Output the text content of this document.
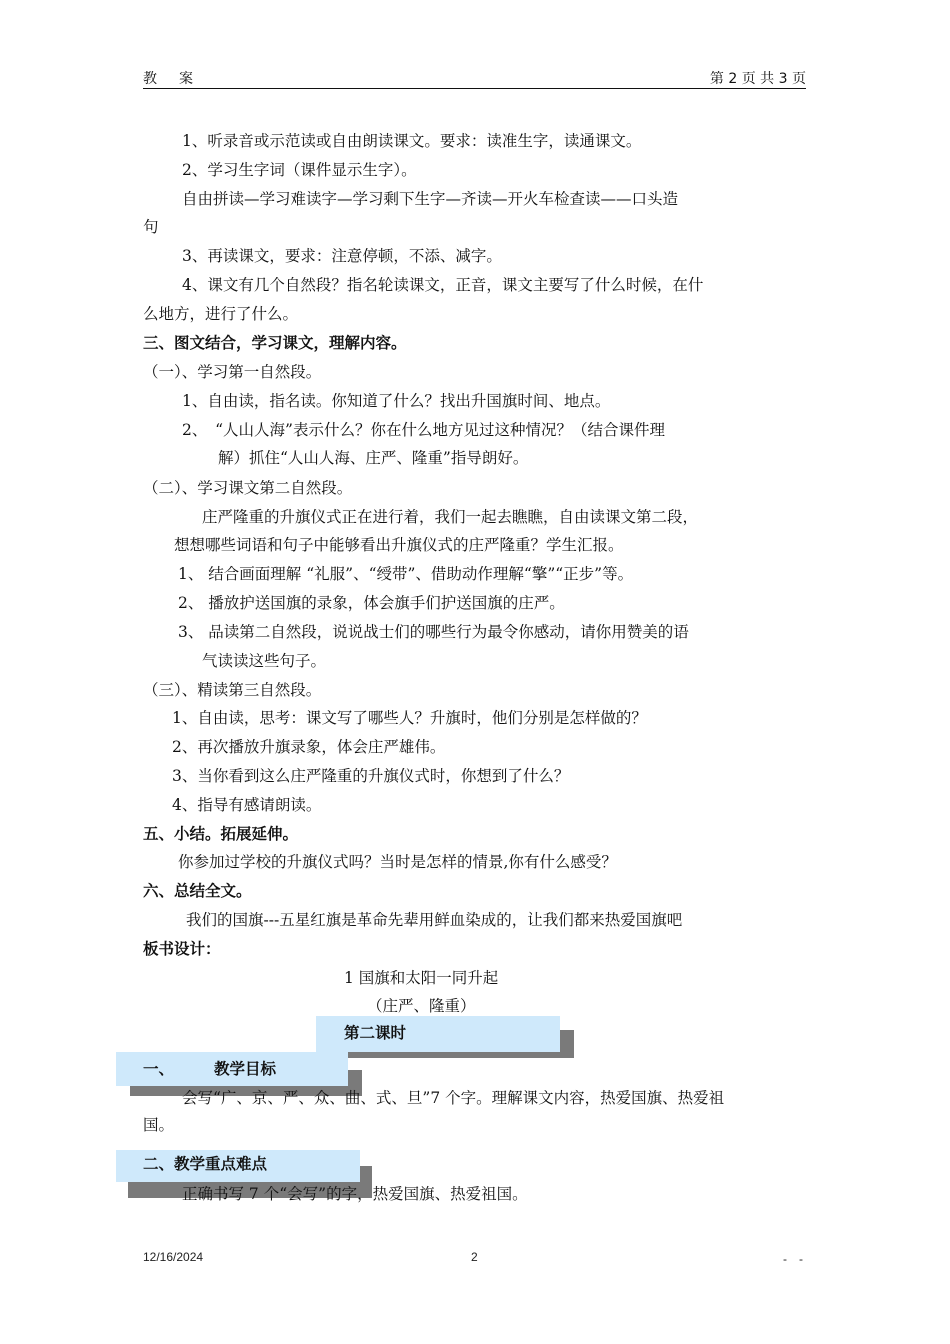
教　案	第 2 页 共 3 页
1、听录音或示范读或自由朗读课文。要求：读准生字，读通课文。
2、学习生字词（课件显示生字）。
自由拼读—学习难读字—学习剩下生字—齐读—开火车检查读——口头造
句
3、再读课文，要求：注意停顿，不添、减字。
4、课文有几个自然段？指名轮读课文，正音，课文主要写了什么时候，在什
么地方，进行了什么。
三、图文结合，学习课文，理解内容。
（一）、学习第一自然段。
1、自由读，指名读。你知道了什么？找出升国旗时间、地点。
2、　“人山人海”表示什么？你在什么地方见过这种情况？（结合课件理
解）抓住“人山人海、庄严、隆重”指导朗好。
（二）、学习课文第二自然段。
庄严隆重的升旗仪式正在进行着，我们一起去瞧瞧，自由读课文第二段，
想想哪些词语和句子中能够看出升旗仪式的庄严隆重？学生汇报。
1、 结合画面理解 “礼服”、“绶带”、借助动作理解“擎”“正步”等。
2、 播放护送国旗的录象，体会旗手们护送国旗的庄严。
3、 品读第二自然段，说说战士们的哪些行为最令你感动，请你用赞美的语
气读读这些句子。
（三）、精读第三自然段。
1、自由读，思考：课文写了哪些人？升旗时，他们分别是怎样做的？
2、再次播放升旗录象，体会庄严雄伟。
3、当你看到这么庄严隆重的升旗仪式时，你想到了什么？
4、指导有感请朗读。
五、小结。拓展延伸。
你参加过学校的升旗仪式吗？当时是怎样的情景,你有什么感受？
六、总结全文。
我们的国旗---五星红旗是革命先辈用鲜血染成的，让我们都来热爱国旗吧
板书设计：
1 国旗和太阳一同升起
（庄严、隆重）
第二课时
一、	教学目标
会写“广、京、严、众、曲、式、旦”7 个字。理解课文内容，热爱国旗、热爱祖
国。
二、教学重点难点
正确书写 7 个“会写”的字，热爱国旗、热爱祖国。
12/16/2024	2	-　-
